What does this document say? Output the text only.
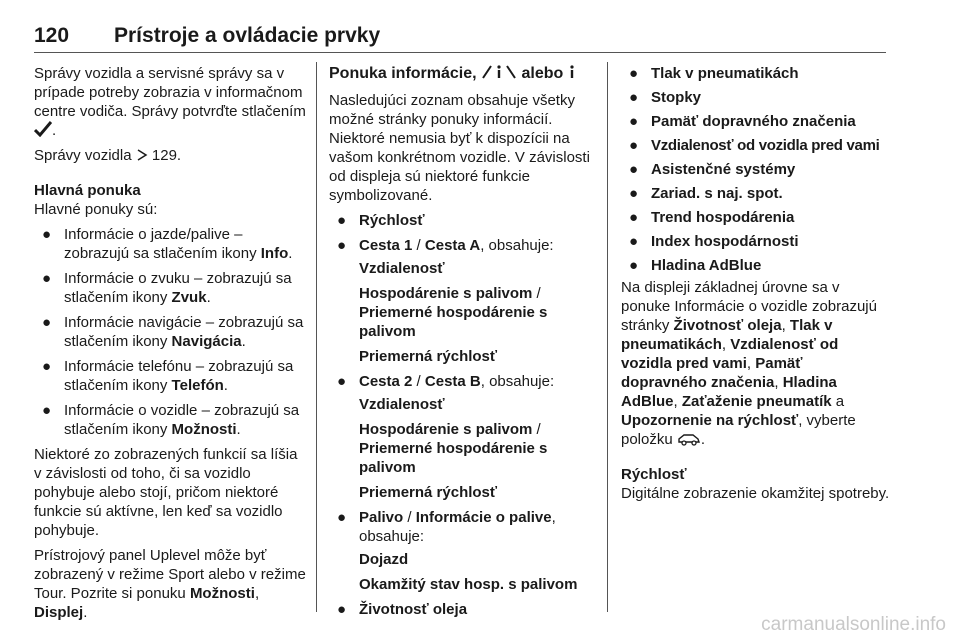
120 Prístroje a ovládacie prvky

Správy vozidla a servisné správy sa v prípade potreby zobrazia v informačnom centre vodiča. Správy potvrďte stlačením .

Správy vozidla 129.

Hlavná ponuka

Hlavné ponuky sú:

● Informácie o jazde/palive – zobrazujú sa stlačením ikony Info.
● Informácie o zvuku – zobrazujú sa stlačením ikony Zvuk.
● Informácie navigácie – zobrazujú sa stlačením ikony Navigácia.
● Informácie telefónu – zobrazujú sa stlačením ikony Telefón.
● Informácie o vozidle – zobrazujú sa stlačením ikony Možnosti.

Niektoré zo zobrazených funkcií sa líšia v závislosti od toho, či sa vozidlo pohybuje alebo stojí, pričom niektoré funkcie sú aktívne, len keď sa vozidlo pohybuje.

Prístrojový panel Uplevel môže byť zobrazený v režime Sport alebo v režime Tour. Pozrite si ponuku Možnosti, Displej.

Ponuka informácie,	alebo

Nasledujúci zoznam obsahuje všetky možné stránky ponuky informácií. Niektoré nemusia byť k dispozícii na vašom konkrétnom vozidle. V závislosti od displeja sú niektoré funkcie symbolizované.

● Rýchlosť
● Cesta 1 / Cesta A, obsahuje:
Vzdialenosť
Hospodárenie s palivom /
Priemerné hospodárenie s palivom
Priemerná rýchlosť
● Cesta 2 / Cesta B, obsahuje:
Vzdialenosť
Hospodárenie s palivom /
Priemerné hospodárenie s palivom
Priemerná rýchlosť
● Palivo / Informácie o palive, obsahuje:
Dojazd
Okamžitý stav hosp. s palivom
● Životnosť oleja
● Tlak v pneumatikách
● Stopky
● Pamäť dopravného značenia
● Vzdialenosť od vozidla pred vami
● Asistenčné systémy
● Zariad. s naj. spot.
● Trend hospodárenia
● Index hospodárnosti
● Hladina AdBlue

Na displeji základnej úrovne sa v ponuke Informácie o vozidle zobrazujú stránky Životnosť oleja, Tlak v pneumatikách, Vzdialenosť od vozidla pred vami, Pamäť dopravného značenia, Hladina AdBlue, Zaťaženie pneumatík a Upozornenie na rýchlosť, vyberte položku .

Rýchlosť

Digitálne zobrazenie okamžitej spotreby.

carmanualsonline.info
